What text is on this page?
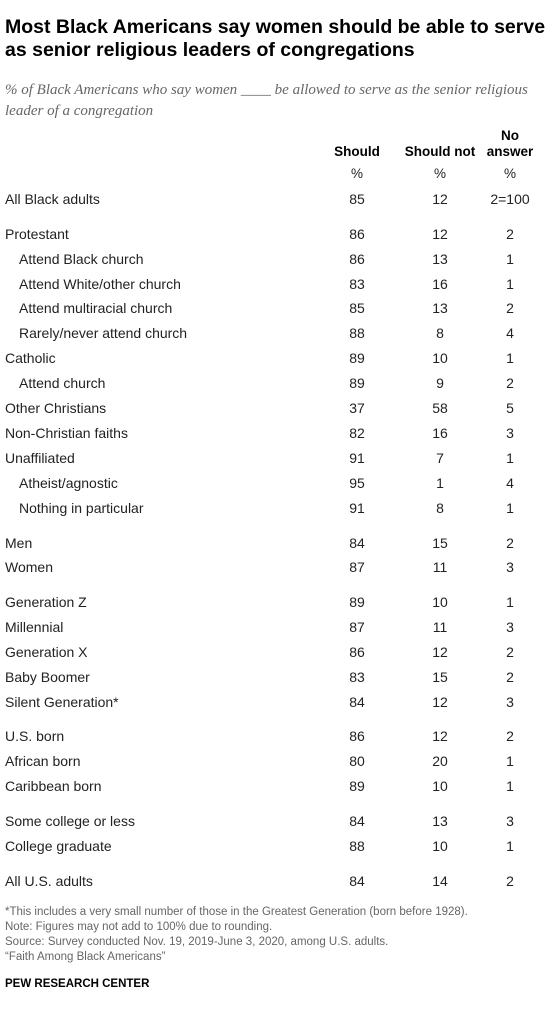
Most Black Americans say women should be able to serve as senior religious leaders of congregations
% of Black Americans who say women ____ be allowed to serve as the senior religious leader of a congregation
Should
%
Should not
%
No
answer
%
All Black adults	85	12	2=100
Protestant	86	12	2
Attend Black church	86	13	1
Attend White/other church	83	16	1
Attend multiracial church	85	13	2
Rarely/never attend church	88	8	4
Catholic	89	10	1
Attend church	89	9	2
Other Christians	37	58	5
Non-Christian faiths	82	16	3
Unaffiliated	91	7	1
Atheist/agnostic	95	1	4
Nothing in particular	91	8	1
Men	84	15	2
Women	87	11	3
Generation Z	89	10	1
Millennial	87	11	3
Generation X	86	12	2
Baby Boomer	83	15	2
Silent Generation*	84	12	3
U.S. born	86	12	2
African born	80	20	1
Caribbean born	89	10	1
Some college or less	84	13	3
College graduate	88	10	1
All U.S. adults	84	14	2
*This includes a very small number of those in the Greatest Generation (born before 1928).
Note: Figures may not add to 100% due to rounding.
Source: Survey conducted Nov. 19, 2019-June 3, 2020, among U.S. adults.
“Faith Among Black Americans”
PEW RESEARCH CENTER
